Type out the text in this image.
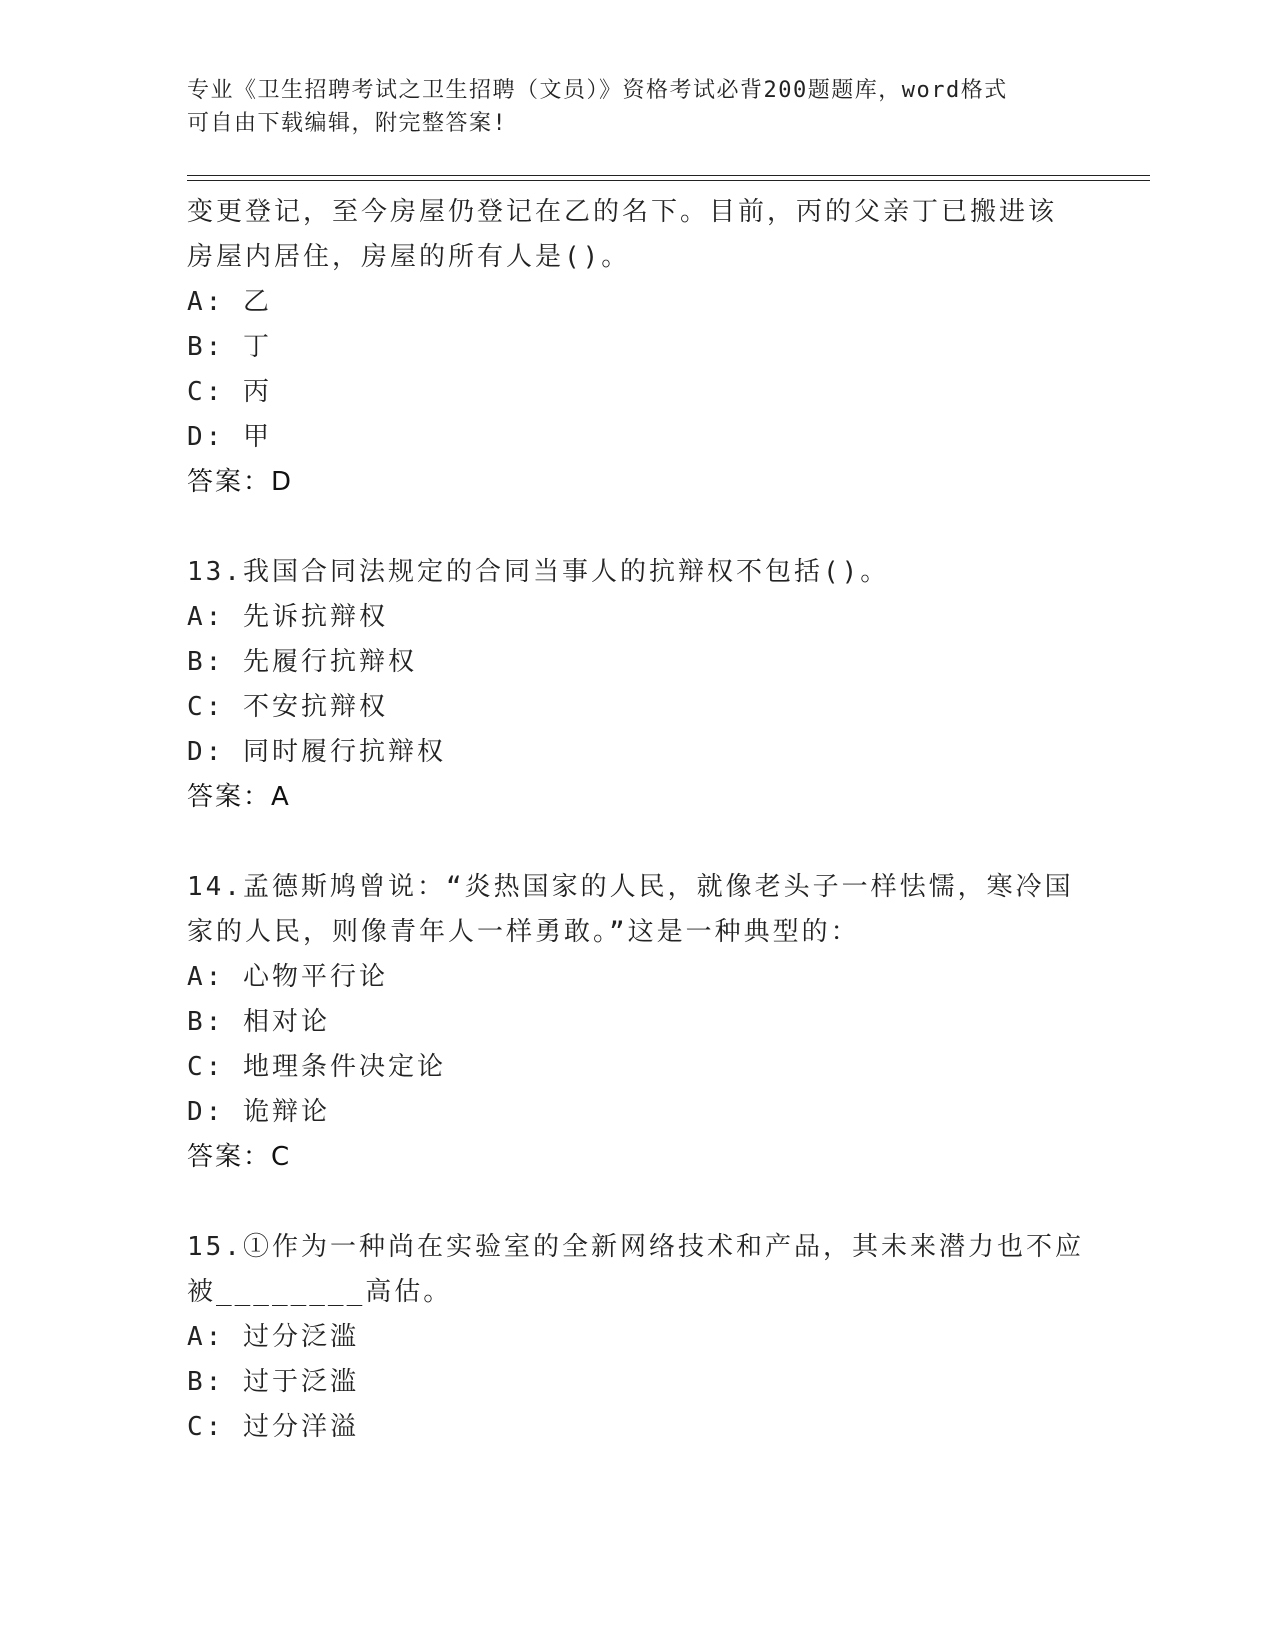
专业《卫生招聘考试之卫生招聘（文员）》资格考试必背200题题库，word格式
可自由下载编辑，附完整答案!
变更登记，至今房屋仍登记在乙的名下。目前，丙的父亲丁已搬进该
房屋内居住，房屋的所有人是()。
A: 乙
B: 丁
C: 丙
D: 甲
答案：D
13.我国合同法规定的合同当事人的抗辩权不包括()。
A: 先诉抗辩权
B: 先履行抗辩权
C: 不安抗辩权
D: 同时履行抗辩权
答案：A
14.孟德斯鸠曾说：“炎热国家的人民，就像老头子一样怯懦，寒冷国
家的人民，则像青年人一样勇敢。”这是一种典型的：
A: 心物平行论
B: 相对论
C: 地理条件决定论
D: 诡辩论
答案：C
15.①作为一种尚在实验室的全新网络技术和产品，其未来潜力也不应
被________高估。
A: 过分泛滥
B: 过于泛滥
C: 过分洋溢
